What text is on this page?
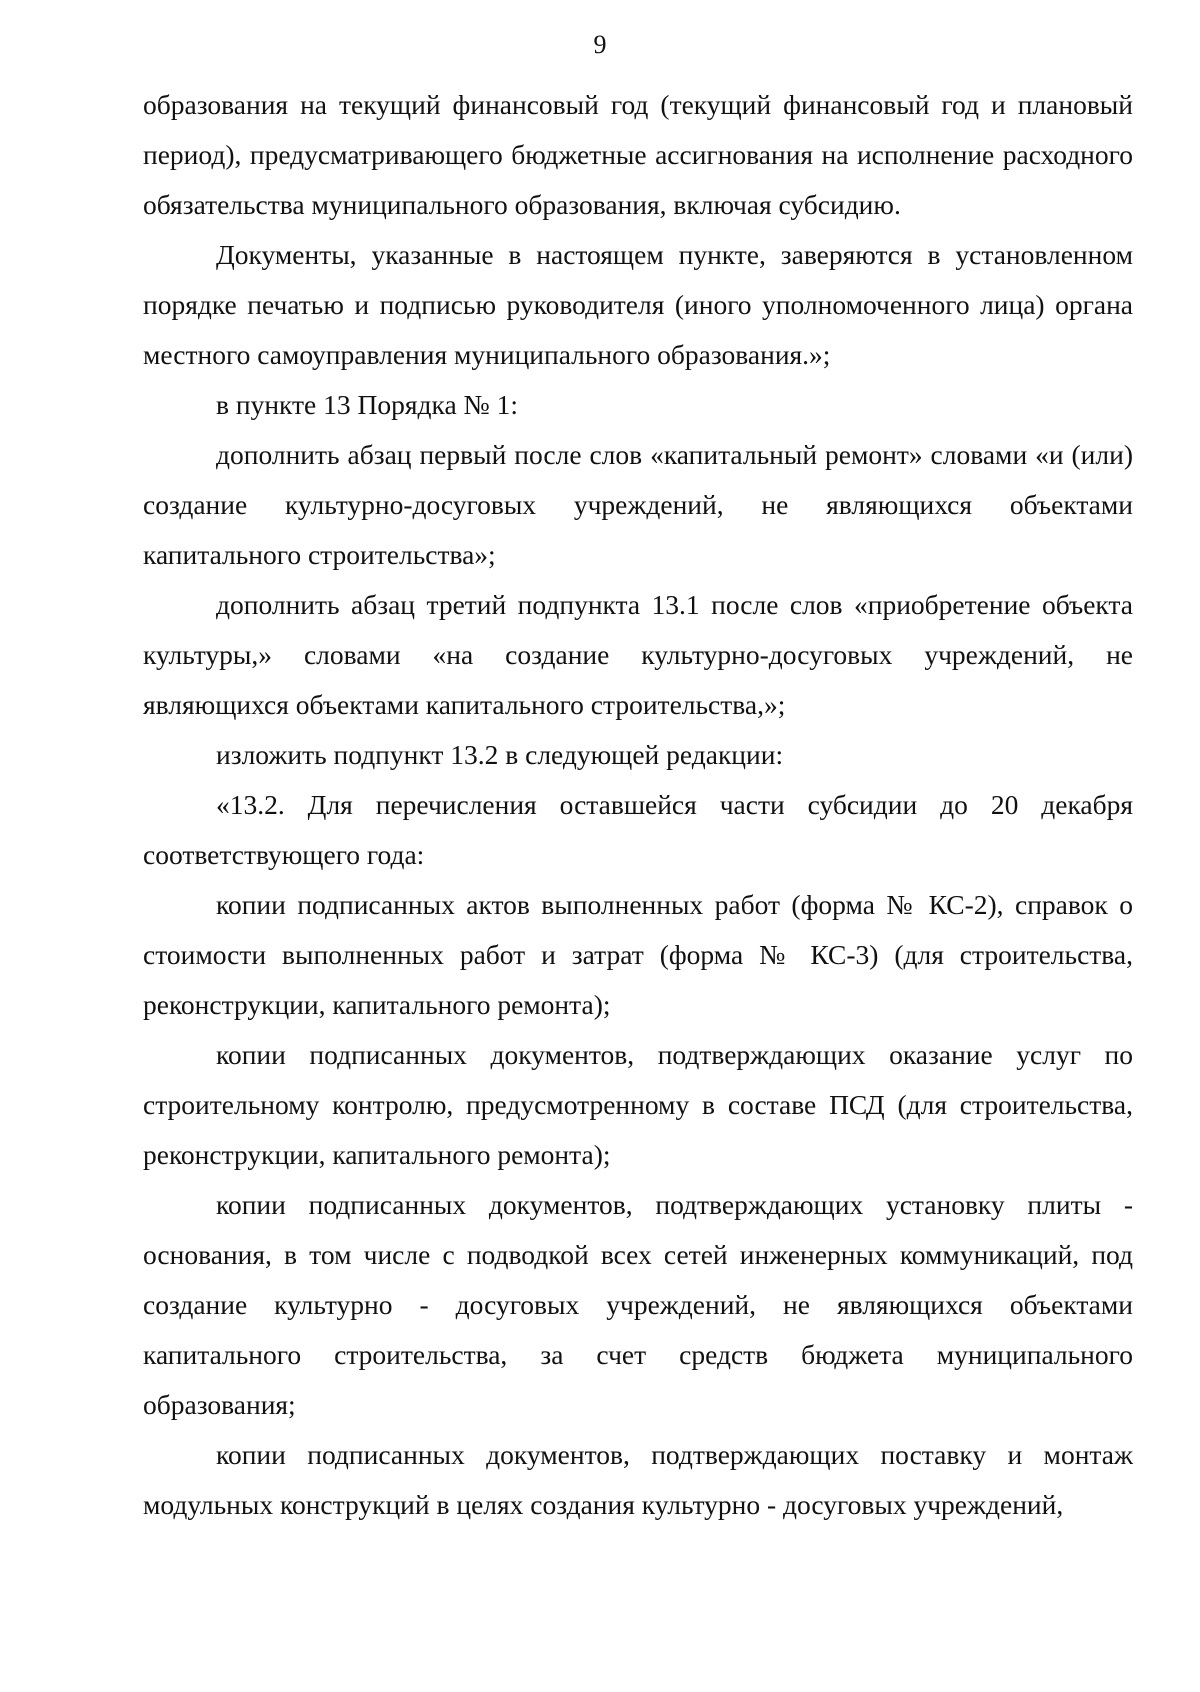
9

образования на текущий финансовый год (текущий финансовый год и плановый период), предусматривающего бюджетные ассигнования на исполнение расходного обязательства муниципального образования, включая субсидию.

Документы, указанные в настоящем пункте, заверяются в установленном порядке печатью и подписью руководителя (иного уполномоченного лица) органа местного самоуправления муниципального образования.»;

в пункте 13 Порядка № 1:

дополнить абзац первый после слов «капитальный ремонт» словами «и (или) создание культурно-досуговых учреждений, не являющихся объектами капитального строительства»;

дополнить абзац третий подпункта 13.1 после слов «приобретение объекта культуры,» словами «на создание культурно-досуговых учреждений, не являющихся объектами капитального строительства,»;

изложить подпункт 13.2 в следующей редакции:

«13.2. Для перечисления оставшейся части субсидии до 20 декабря соответствующего года:

копии подписанных актов выполненных работ (форма № КС-2), справок о стоимости выполненных работ и затрат (форма № КС-3) (для строительства, реконструкции, капитального ремонта);

копии подписанных документов, подтверждающих оказание услуг по строительному контролю, предусмотренному в составе ПСД (для строительства, реконструкции, капитального ремонта);

копии подписанных документов, подтверждающих установку плиты - основания, в том числе с подводкой всех сетей инженерных коммуникаций, под создание культурно - досуговых учреждений, не являющихся объектами капитального строительства, за счет средств бюджета муниципального образования;

копии подписанных документов, подтверждающих поставку и монтаж модульных конструкций в целях создания культурно - досуговых учреждений,
